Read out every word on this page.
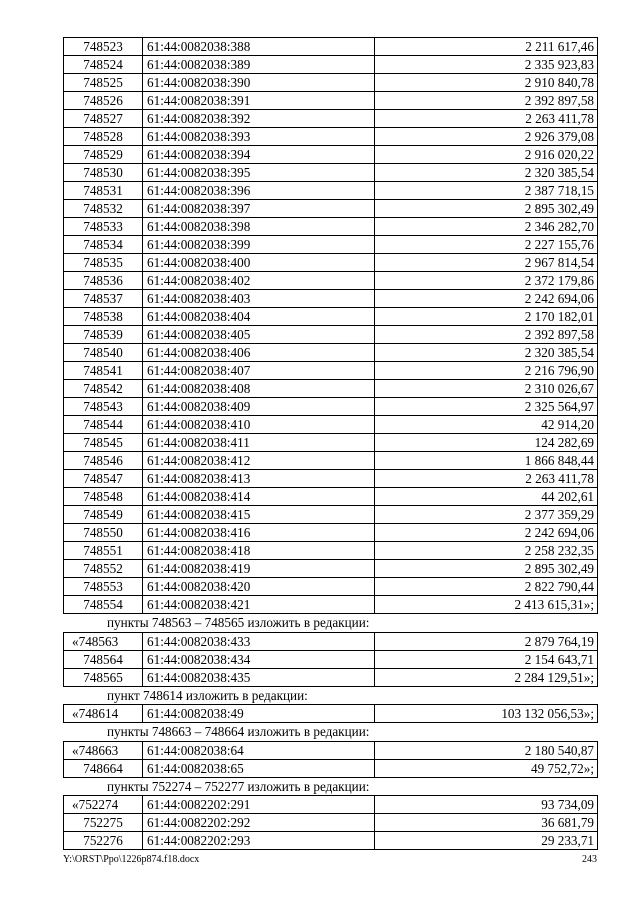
748523	61:44:0082038:388	2 211 617,46
748524	61:44:0082038:389	2 335 923,83
748525	61:44:0082038:390	2 910 840,78
748526	61:44:0082038:391	2 392 897,58
748527	61:44:0082038:392	2 263 411,78
748528	61:44:0082038:393	2 926 379,08
748529	61:44:0082038:394	2 916 020,22
748530	61:44:0082038:395	2 320 385,54
748531	61:44:0082038:396	2 387 718,15
748532	61:44:0082038:397	2 895 302,49
748533	61:44:0082038:398	2 346 282,70
748534	61:44:0082038:399	2 227 155,76
748535	61:44:0082038:400	2 967 814,54
748536	61:44:0082038:402	2 372 179,86
748537	61:44:0082038:403	2 242 694,06
748538	61:44:0082038:404	2 170 182,01
748539	61:44:0082038:405	2 392 897,58
748540	61:44:0082038:406	2 320 385,54
748541	61:44:0082038:407	2 216 796,90
748542	61:44:0082038:408	2 310 026,67
748543	61:44:0082038:409	2 325 564,97
748544	61:44:0082038:410	42 914,20
748545	61:44:0082038:411	124 282,69
748546	61:44:0082038:412	1 866 848,44
748547	61:44:0082038:413	2 263 411,78
748548	61:44:0082038:414	44 202,61
748549	61:44:0082038:415	2 377 359,29
748550	61:44:0082038:416	2 242 694,06
748551	61:44:0082038:418	2 258 232,35
748552	61:44:0082038:419	2 895 302,49
748553	61:44:0082038:420	2 822 790,44
748554	61:44:0082038:421	2 413 615,31»;
пункты 748563 – 748565 изложить в редакции:
«748563	61:44:0082038:433	2 879 764,19
748564	61:44:0082038:434	2 154 643,71
748565	61:44:0082038:435	2 284 129,51»;
пункт 748614 изложить в редакции:
«748614	61:44:0082038:49	103 132 056,53»;
пункты 748663 – 748664 изложить в редакции:
«748663	61:44:0082038:64	2 180 540,87
748664	61:44:0082038:65	49 752,72»;
пункты 752274 – 752277 изложить в редакции:
«752274	61:44:0082202:291	93 734,09
752275	61:44:0082202:292	36 681,79
752276	61:44:0082202:293	29 233,71
Y:\ORST\Ppo\1226p874.f18.docx	243
